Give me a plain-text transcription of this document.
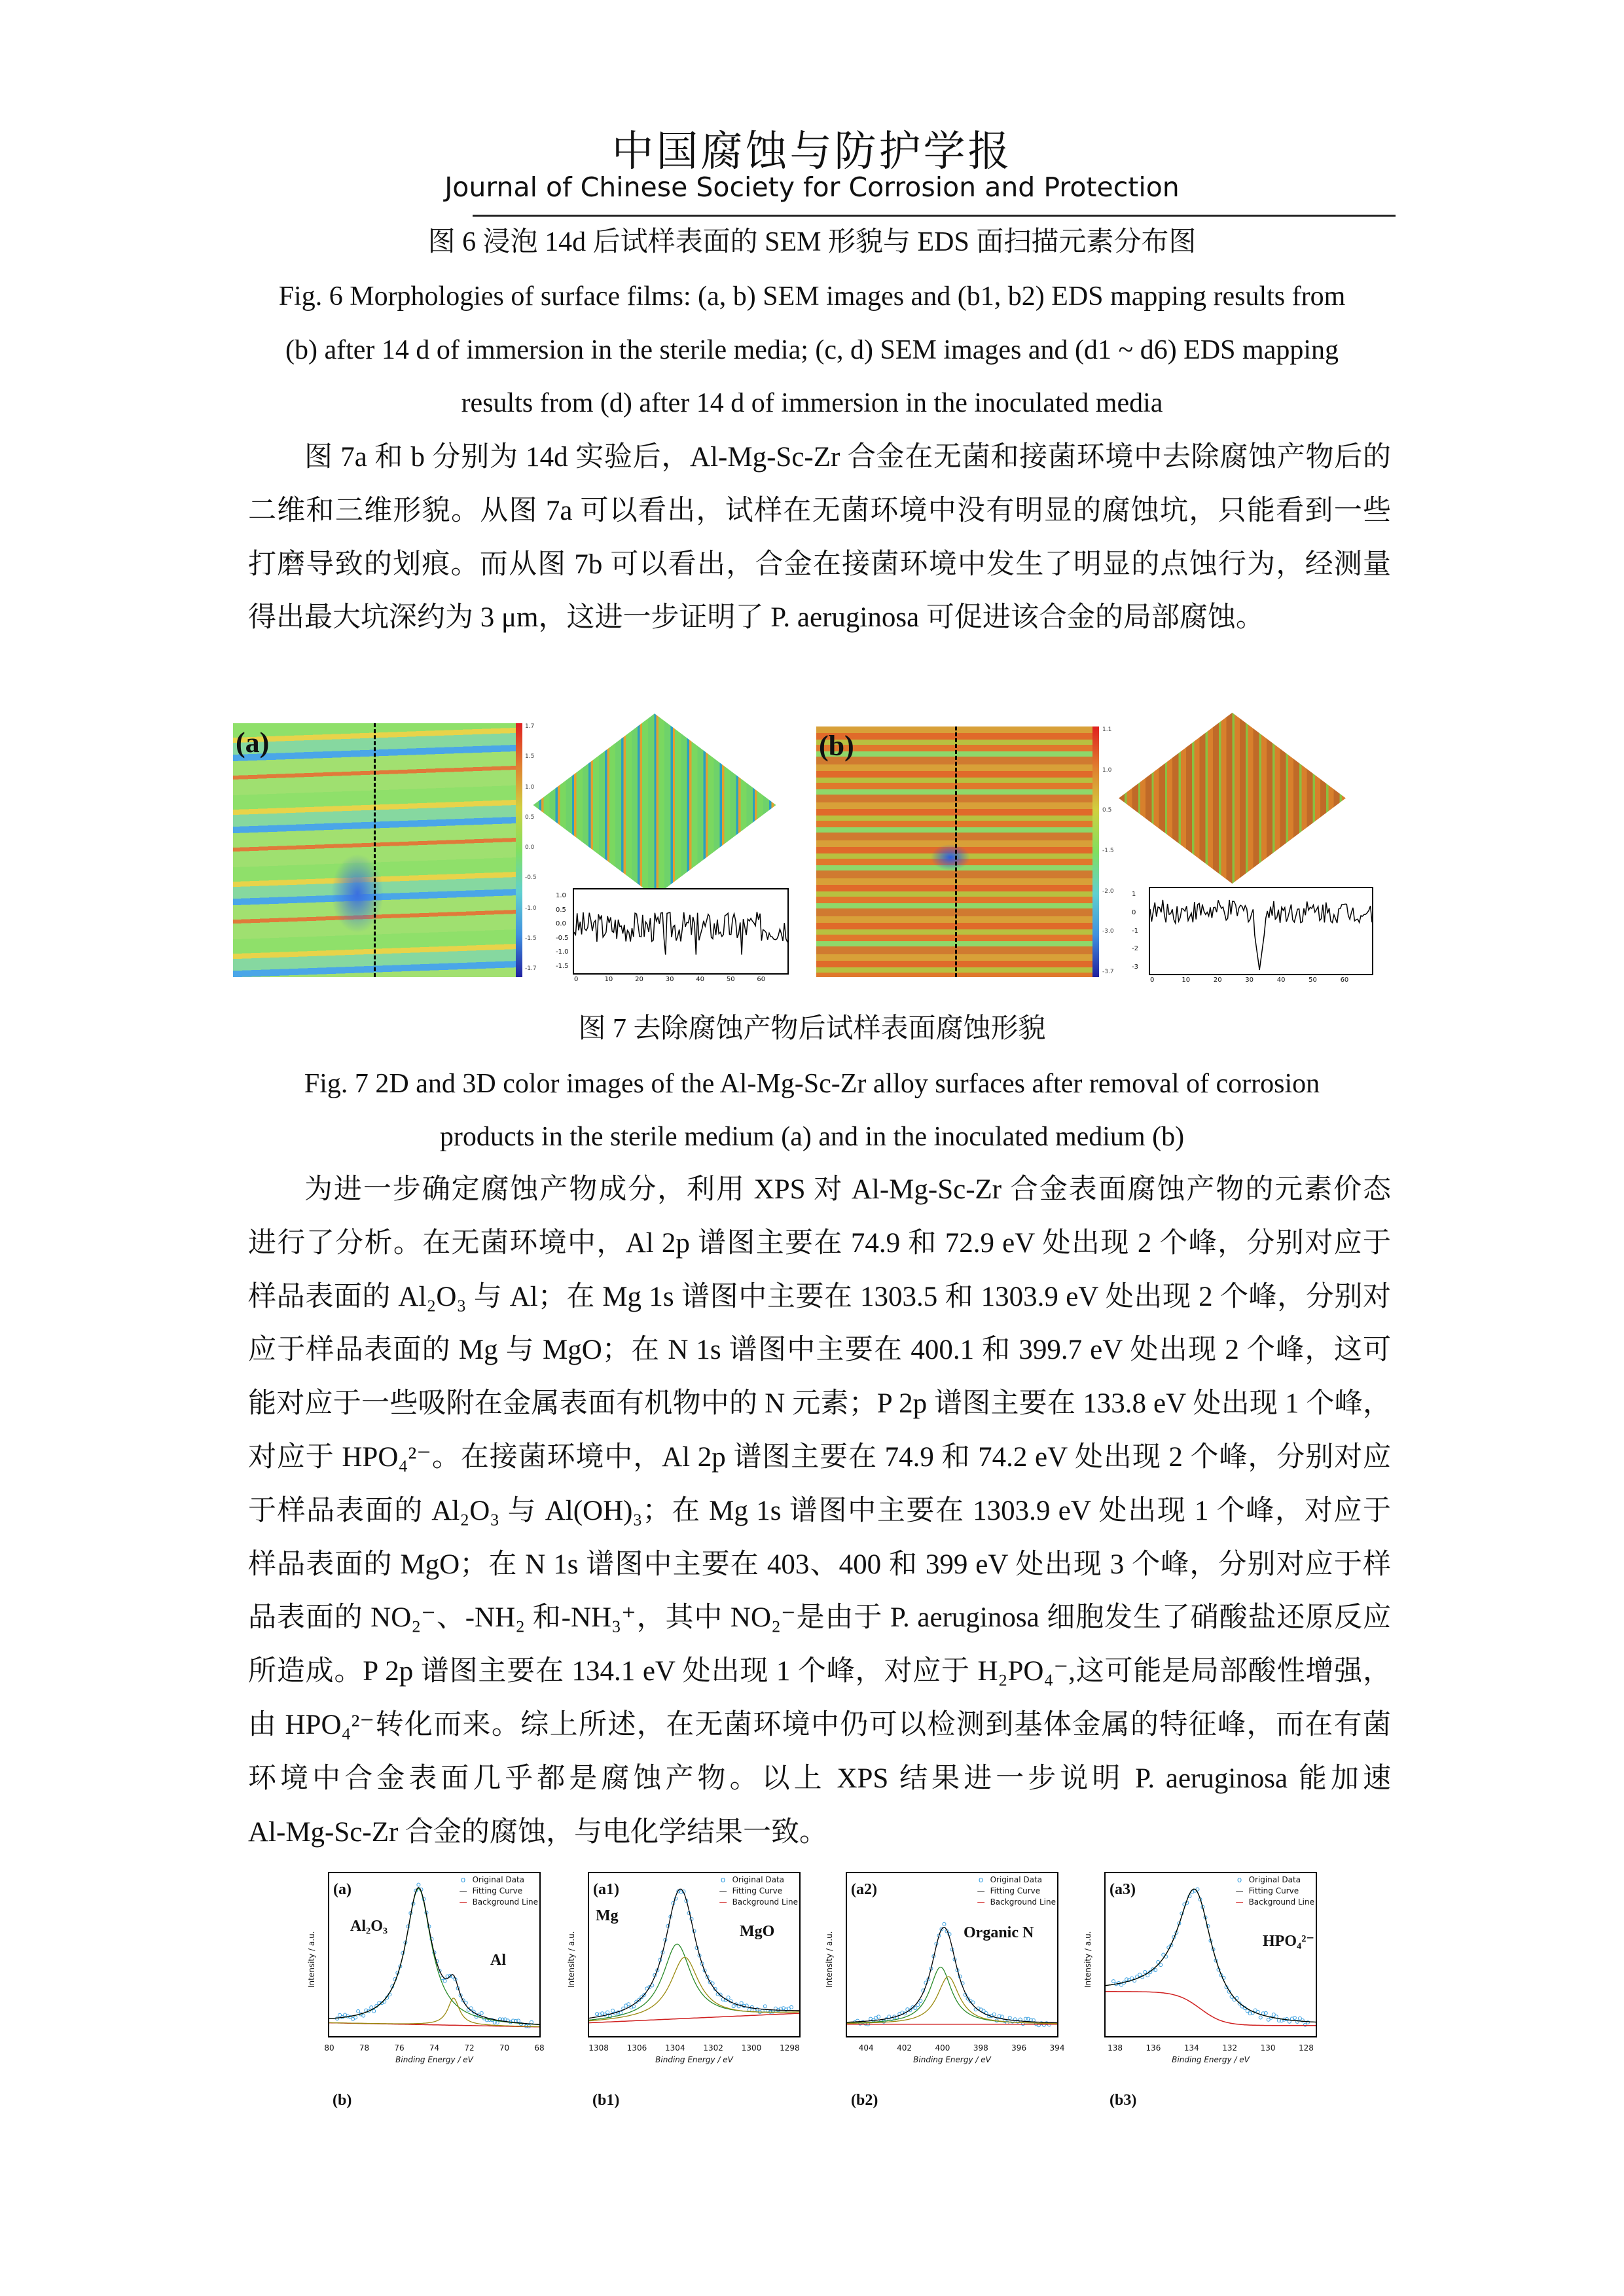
中国腐蚀与防护学报
Journal of Chinese Society for Corrosion and Protection
图 6 浸泡 14d 后试样表面的 SEM 形貌与 EDS 面扫描元素分布图
Fig. 6 Morphologies of surface films: (a, b) SEM images and (b1, b2) EDS mapping results from
(b) after 14 d of immersion in the sterile media; (c, d) SEM images and (d1 ~ d6) EDS mapping
results from (d) after 14 d of immersion in the inoculated media
图 7a 和 b 分别为 14d 实验后，Al-Mg-Sc-Zr 合金在无菌和接菌环境中去除腐蚀产物后的
二维和三维形貌。从图 7a 可以看出，试样在无菌环境中没有明显的腐蚀坑，只能看到一些
打磨导致的划痕。而从图 7b 可以看出，合金在接菌环境中发生了明显的点蚀行为，经测量
得出最大坑深约为 3 μm，这进一步证明了 P. aeruginosa 可促进该合金的局部腐蚀。
(a)	1.7
1.5
1.0
0.5
0.0
-0.5
-1.0
-1.5
-1.7
1.0
0.5
0.0
-0.5
-1.0
-1.5
0	10	20	30	40	50	60
(b)	1.1
1.0
0.5
-1.5
-2.0
-3.0
-3.7
1
0
-1
-2
-3
0	10	20	30	40	50	60
图 7 去除腐蚀产物后试样表面腐蚀形貌
Fig. 7 2D and 3D color images of the Al-Mg-Sc-Zr alloy surfaces after removal of corrosion
products in the sterile medium (a) and in the inoculated medium (b)
为进一步确定腐蚀产物成分，利用 XPS 对 Al-Mg-Sc-Zr 合金表面腐蚀产物的元素价态
进行了分析。在无菌环境中，Al 2p 谱图主要在 74.9 和 72.9 eV 处出现 2 个峰，分别对应于
样品表面的 Al₂O₃ 与 Al；在 Mg 1s 谱图中主要在 1303.5 和 1303.9 eV 处出现 2 个峰，分别对
应于样品表面的 Mg 与 MgO；在 N 1s 谱图中主要在 400.1 和 399.7 eV 处出现 2 个峰，这可
能对应于一些吸附在金属表面有机物中的 N 元素；P 2p 谱图主要在 133.8 eV 处出现 1 个峰，
对应于 HPO₄²⁻。在接菌环境中，Al 2p 谱图主要在 74.9 和 74.2 eV 处出现 2 个峰，分别对应
于样品表面的 Al₂O₃ 与 Al(OH)₃；在 Mg 1s 谱图中主要在 1303.9 eV 处出现 1 个峰，对应于
样品表面的 MgO；在 N 1s 谱图中主要在 403、400 和 399 eV 处出现 3 个峰，分别对应于样
品表面的 NO₂⁻、-NH₂ 和-NH₃⁺，其中 NO₂⁻是由于 P. aeruginosa 细胞发生了硝酸盐还原反应
所造成。P 2p 谱图主要在 134.1 eV 处出现 1 个峰，对应于 H₂PO₄⁻,这可能是局部酸性增强，
由 HPO₄²⁻转化而来。综上所述，在无菌环境中仍可以检测到基体金属的特征峰，而在有菌
环境中合金表面几乎都是腐蚀产物。以上 XPS 结果进一步说明 P. aeruginosa 能加速
Al-Mg-Sc-Zr 合金的腐蚀，与电化学结果一致。
Al₂O₃
Al
(a)
o Original Data
— Fitting Curve
— Background Line
80	78	76	74	72	70	68
Binding Energy / eV
Intensity / a.u.
Mg
MgO
(a1)
o Original Data
— Fitting Curve
— Background Line
1308 1306 1304 1302 1300 1298
Binding Energy / eV
Intensity / a.u.	Organic N
(a2)
o Original Data
— Fitting Curve
— Background Line
404	402	400	398	396	394
Binding Energy / eV
Intensity / a.u.	HPO₄²⁻
(a3)
o Original Data
— Fitting Curve
— Background Line
138	136	134	132	130	128
Binding Energy / eV
Intensity / a.u.
(b)	(b1)	(b2)	(b3)
